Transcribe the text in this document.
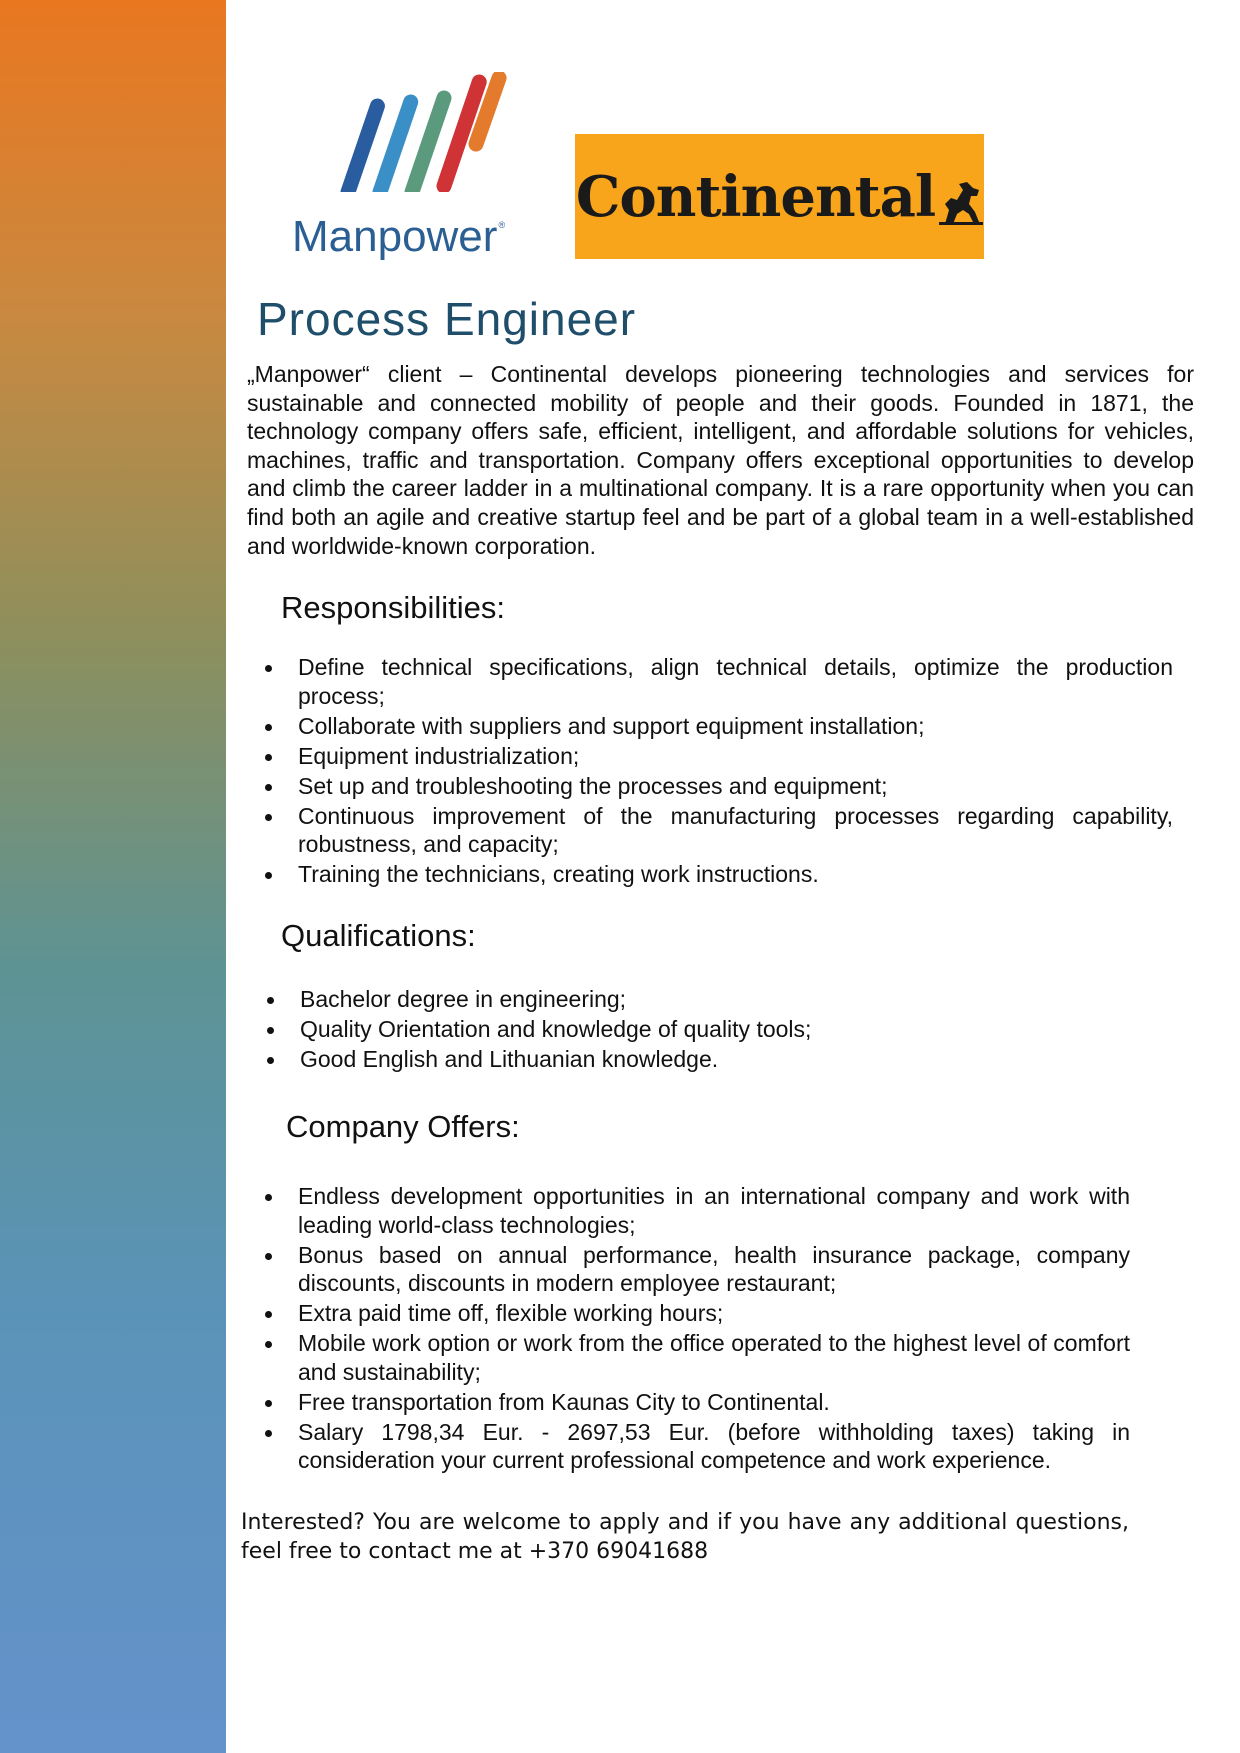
Manpower® Continental
Process Engineer

„Manpower“ client – Continental develops pioneering technologies and services for sustainable and connected mobility of people and their goods. Founded in 1871, the technology company offers safe, efficient, intelligent, and affordable solutions for vehicles, machines, traffic and transportation. Company offers exceptional opportunities to develop and climb the career ladder in a multinational company. It is a rare opportunity when you can find both an agile and creative startup feel and be part of a global team in a well-established and worldwide-known corporation.

Responsibilities:
Define technical specifications, align technical details, optimize the production process;
Collaborate with suppliers and support equipment installation;
Equipment industrialization;
Set up and troubleshooting the processes and equipment;
Continuous improvement of the manufacturing processes regarding capability, robustness, and capacity;
Training the technicians, creating work instructions.
Qualifications:
Bachelor degree in engineering;
Quality Orientation and knowledge of quality tools;
Good English and Lithuanian knowledge.
Company Offers:
Endless development opportunities in an international company and work with leading world-class technologies;
Bonus based on annual performance, health insurance package, company discounts, discounts in modern employee restaurant;
Extra paid time off, flexible working hours;
Mobile work option or work from the office operated to the highest level of comfort and sustainability;
Free transportation from Kaunas City to Continental.
Salary 1798,34 Eur. - 2697,53 Eur. (before withholding taxes) taking in consideration your current professional competence and work experience.

Interested? You are welcome to apply and if you have any additional questions, feel free to contact me at +370 69041688
